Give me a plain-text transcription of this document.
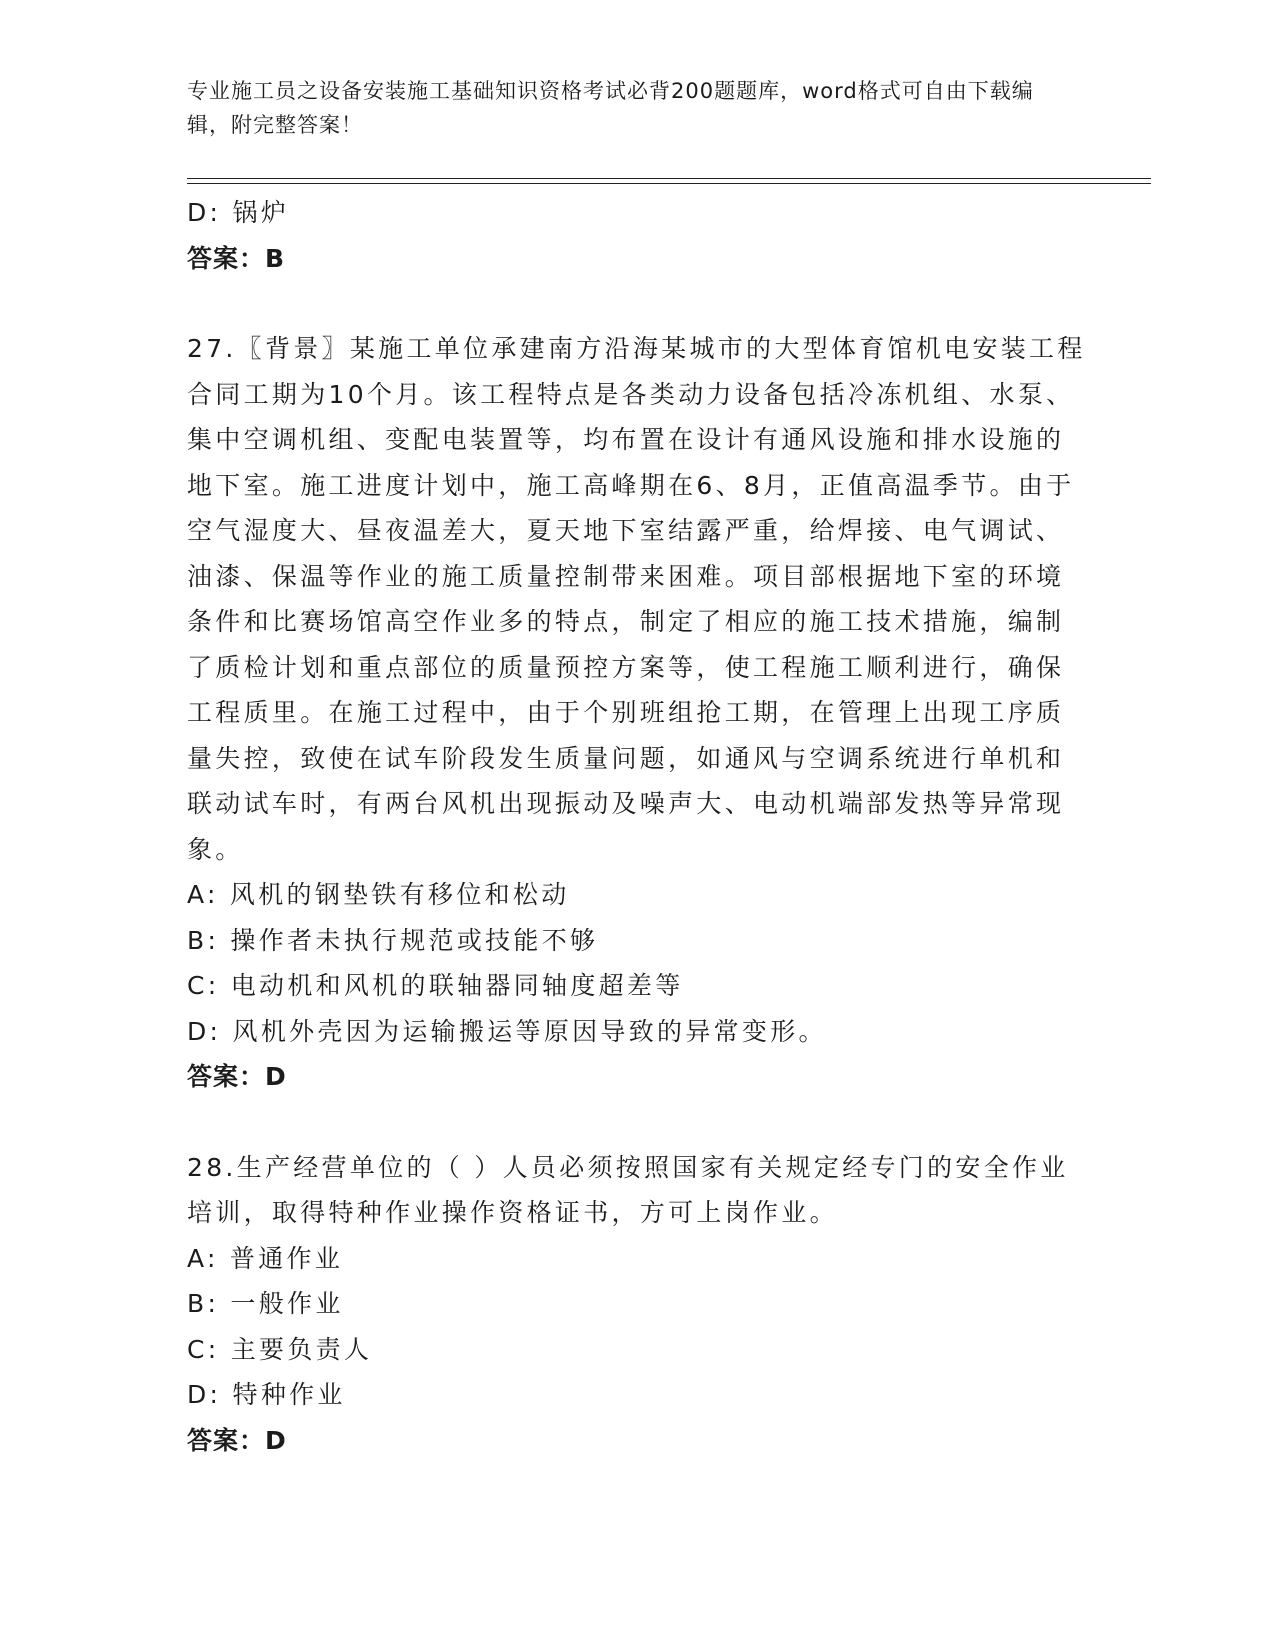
专业施工员之设备安装施工基础知识资格考试必背200题题库，word格式可自由下载编辑，附完整答案！

D: 锅炉

答案：B

27.〖背景〗某施工单位承建南方沿海某城市的大型体育馆机电安装工程合同工期为10个月。该工程特点是各类动力设备包括冷冻机组、水泵、集中空调机组、变配电装置等，均布置在设计有通风设施和排水设施的地下室。施工进度计划中，施工高峰期在6、8月，正值高温季节。由于空气湿度大、昼夜温差大，夏天地下室结露严重，给焊接、电气调试、油漆、保温等作业的施工质量控制带来困难。项目部根据地下室的环境条件和比赛场馆高空作业多的特点，制定了相应的施工技术措施，编制了质检计划和重点部位的质量预控方案等，使工程施工顺利进行，确保工程质里。在施工过程中，由于个别班组抢工期，在管理上出现工序质量失控，致使在试车阶段发生质量问题，如通风与空调系统进行单机和联动试车时，有两台风机出现振动及噪声大、电动机端部发热等异常现象。

A: 风机的钢垫铁有移位和松动

B: 操作者未执行规范或技能不够

C: 电动机和风机的联轴器同轴度超差等

D: 风机外壳因为运输搬运等原因导致的异常变形。

答案：D

28.生产经营单位的（ ）人员必须按照国家有关规定经专门的安全作业培训，取得特种作业操作资格证书，方可上岗作业。

A: 普通作业

B: 一般作业

C: 主要负责人

D: 特种作业

答案：D
